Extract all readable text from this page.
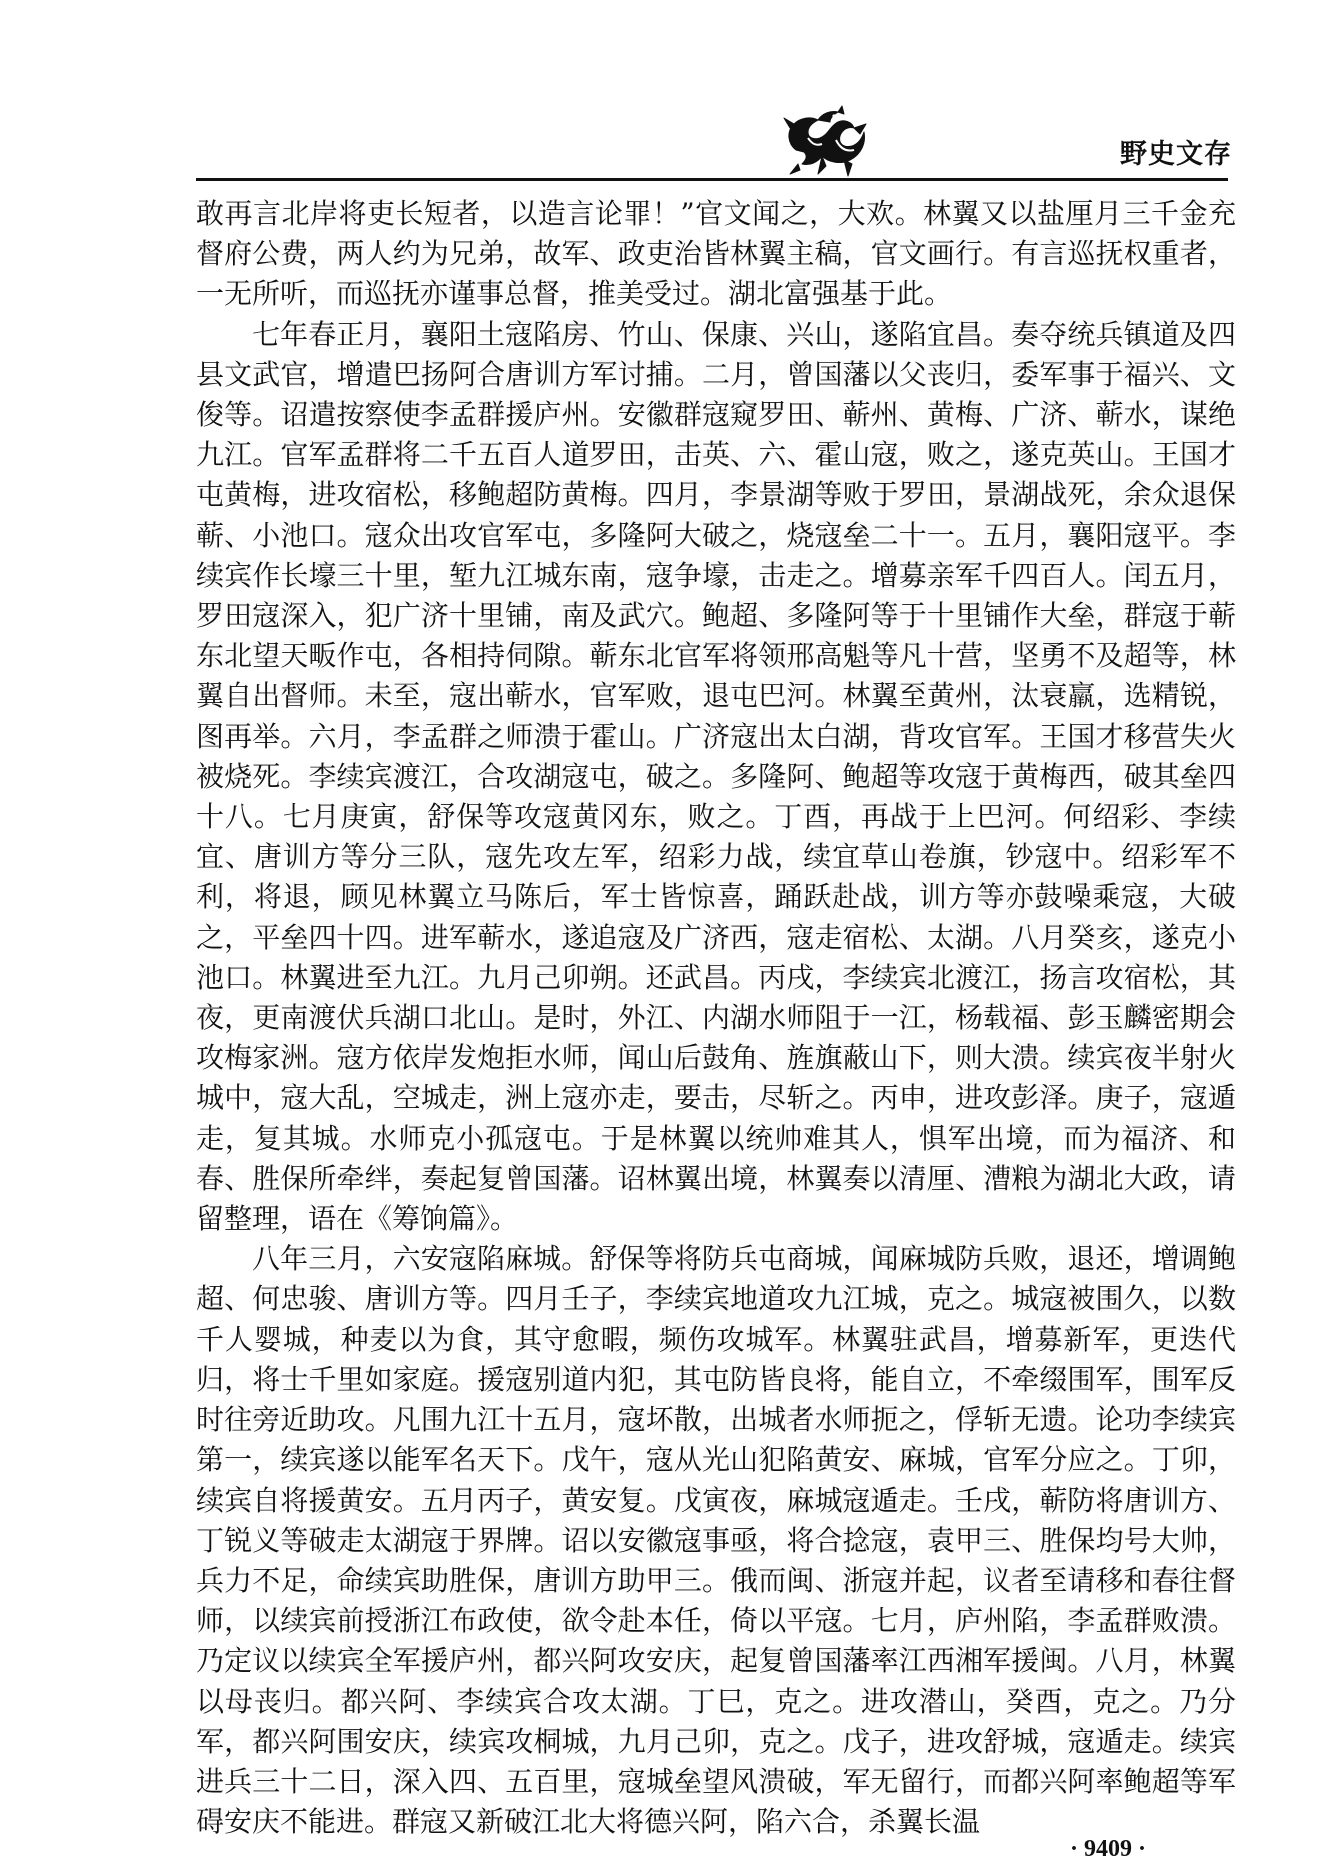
野史文存

敢再言北岸将吏长短者，以造言论罪！”官文闻之，大欢。林翼又以盐厘月三千金充督府公费，两人约为兄弟，故军、政吏治皆林翼主稿，官文画行。有言巡抚权重者，一无所听，而巡抚亦谨事总督，推美受过。湖北富强基于此。

七年春正月，襄阳土寇陷房、竹山、保康、兴山，遂陷宜昌。奏夺统兵镇道及四县文武官，增遣巴扬阿合唐训方军讨捕。二月，曾国藩以父丧归，委军事于福兴、文俊等。诏遣按察使李孟群援庐州。安徽群寇窥罗田、蕲州、黄梅、广济、蕲水，谋绝九江。官军孟群将二千五百人道罗田，击英、六、霍山寇，败之，遂克英山。王国才屯黄梅，进攻宿松，移鲍超防黄梅。四月，李景湖等败于罗田，景湖战死，余众退保蕲、小池口。寇众出攻官军屯，多隆阿大破之，烧寇垒二十一。五月，襄阳寇平。李续宾作长壕三十里，堑九江城东南，寇争壕，击走之。增募亲军千四百人。闰五月，罗田寇深入，犯广济十里铺，南及武穴。鲍超、多隆阿等于十里铺作大垒，群寇于蕲东北望天畈作屯，各相持伺隙。蕲东北官军将领邢高魁等凡十营，坚勇不及超等，林翼自出督师。未至，寇出蕲水，官军败，退屯巴河。林翼至黄州，汰衰羸，选精锐，图再举。六月，李孟群之师溃于霍山。广济寇出太白湖，背攻官军。王国才移营失火被烧死。李续宾渡江，合攻湖寇屯，破之。多隆阿、鲍超等攻寇于黄梅西，破其垒四十八。七月庚寅，舒保等攻寇黄冈东，败之。丁酉，再战于上巴河。何绍彩、李续宜、唐训方等分三队，寇先攻左军，绍彩力战，续宜草山卷旗，钞寇中。绍彩军不利，将退，顾见林翼立马陈后，军士皆惊喜，踊跃赴战，训方等亦鼓噪乘寇，大破之，平垒四十四。进军蕲水，遂追寇及广济西，寇走宿松、太湖。八月癸亥，遂克小池口。林翼进至九江。九月己卯朔。还武昌。丙戌，李续宾北渡江，扬言攻宿松，其夜，更南渡伏兵湖口北山。是时，外江、内湖水师阻于一江，杨载福、彭玉麟密期会攻梅家洲。寇方依岸发炮拒水师，闻山后鼓角、旌旗蔽山下，则大溃。续宾夜半射火城中，寇大乱，空城走，洲上寇亦走，要击，尽斩之。丙申，进攻彭泽。庚子，寇遁走，复其城。水师克小孤寇屯。于是林翼以统帅难其人，惧军出境，而为福济、和春、胜保所牵绊，奏起复曾国藩。诏林翼出境，林翼奏以清厘、漕粮为湖北大政，请留整理，语在《筹饷篇》。

八年三月，六安寇陷麻城。舒保等将防兵屯商城，闻麻城防兵败，退还，增调鲍超、何忠骏、唐训方等。四月壬子，李续宾地道攻九江城，克之。城寇被围久，以数千人婴城，种麦以为食，其守愈暇，频伤攻城军。林翼驻武昌，增募新军，更迭代归，将士千里如家庭。援寇别道内犯，其屯防皆良将，能自立，不牵缀围军，围军反时往旁近助攻。凡围九江十五月，寇坏散，出城者水师扼之，俘斩无遗。论功李续宾第一，续宾遂以能军名天下。戊午，寇从光山犯陷黄安、麻城，官军分应之。丁卯，续宾自将援黄安。五月丙子，黄安复。戊寅夜，麻城寇遁走。壬戌，蕲防将唐训方、丁锐义等破走太湖寇于界牌。诏以安徽寇事亟，将合捻寇，袁甲三、胜保均号大帅，兵力不足，命续宾助胜保，唐训方助甲三。俄而闽、浙寇并起，议者至请移和春往督师，以续宾前授浙江布政使，欲令赴本任，倚以平寇。七月，庐州陷，李孟群败溃。乃定议以续宾全军援庐州，都兴阿攻安庆，起复曾国藩率江西湘军援闽。八月，林翼以母丧归。都兴阿、李续宾合攻太湖。丁巳，克之。进攻潜山，癸酉，克之。乃分军，都兴阿围安庆，续宾攻桐城，九月己卯，克之。戊子，进攻舒城，寇遁走。续宾进兵三十二日，深入四、五百里，寇城垒望风溃破，军无留行，而都兴阿率鲍超等军碍安庆不能进。群寇又新破江北大将德兴阿，陷六合，杀翼长温

· 9409 ·
